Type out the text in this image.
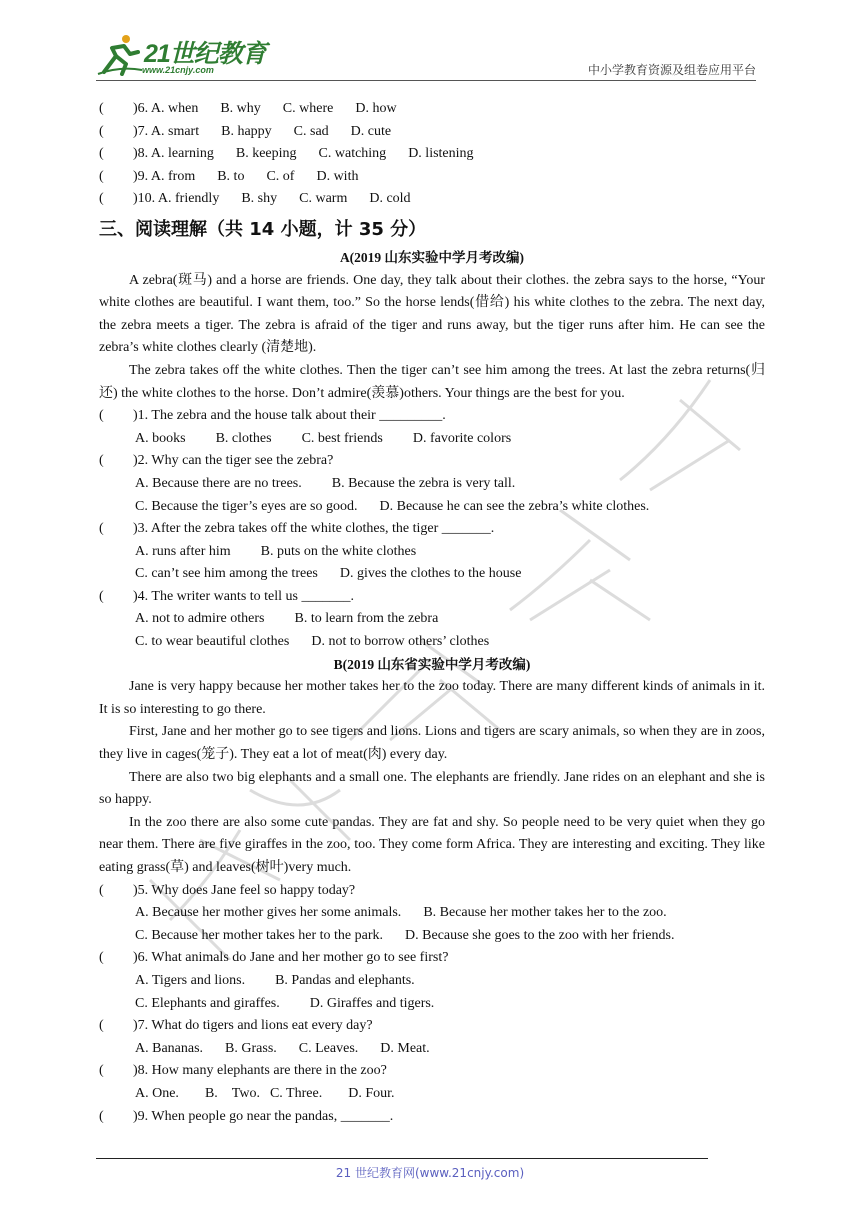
21世纪教育
www.21cnjy.com	中小学教育资源及组卷应用平台
( )6. A. when B. why C. where D. how
( )7. A. smart B. happy C. sad D. cute
( )8. A. learning B. keeping C. watching D. listening
( )9. A. from B. to C. of D. with
( )10. A. friendly B. shy C. warm D. cold
三、阅读理解（共 14 小题，计 35 分）
A(2019 山东实验中学月考改编)
A zebra(斑马) and a horse are friends. One day, they talk about their clothes. the zebra says to the horse, “Your white clothes are beautiful. I want them, too.” So the horse lends(借给) his white clothes to the zebra. The next day, the zebra meets a tiger. The zebra is afraid of the tiger and runs away, but the tiger runs after him. He can see the zebra’s white clothes clearly (清楚地).
The zebra takes off the white clothes. Then the tiger can’t see him among the trees. At last the zebra returns(归还) the white clothes to the horse. Don’t admire(羡慕)others. Your things are the best for you.
( )1. The zebra and the house talk about their _________.
A. books B. clothes C. best friends D. favorite colors
( )2. Why can the tiger see the zebra?
A. Because there are no trees. B. Because the zebra is very tall.
C. Because the tiger’s eyes are so good. D. Because he can see the zebra’s white clothes.
( )3. After the zebra takes off the white clothes, the tiger _______.
A. runs after him B. puts on the white clothes
C. can’t see him among the trees D. gives the clothes to the house
( )4. The writer wants to tell us _______.
A. not to admire others B. to learn from the zebra
C. to wear beautiful clothes D. not to borrow others’ clothes
B(2019 山东省实验中学月考改编)
Jane is very happy because her mother takes her to the zoo today. There are many different kinds of animals in it. It is so interesting to go there.
First, Jane and her mother go to see tigers and lions. Lions and tigers are scary animals, so when they are in zoos, they live in cages(笼子). They eat a lot of meat(肉) every day.
There are also two big elephants and a small one. The elephants are friendly. Jane rides on an elephant and she is so happy.
In the zoo there are also some cute pandas. They are fat and shy. So people need to be very quiet when they go near them. There are five giraffes in the zoo, too. They come form Africa. They are interesting and exciting. They like eating grass(草) and leaves(树叶)very much.
( )5. Why does Jane feel so happy today?
A. Because her mother gives her some animals. B. Because her mother takes her to the zoo.
C. Because her mother takes her to the park. D. Because she goes to the zoo with her friends.
( )6. What animals do Jane and her mother go to see first?
A. Tigers and lions. B. Pandas and elephants.
C. Elephants and giraffes. D. Giraffes and tigers.
( )7. What do tigers and lions eat every day?
A. Bananas. B. Grass. C. Leaves. D. Meat.
( )8. How many elephants are there in the zoo?
A. One. B. Two. C. Three. D. Four.
( )9. When people go near the pandas, _______.
21 世纪教育网(www.21cnjy.com)
